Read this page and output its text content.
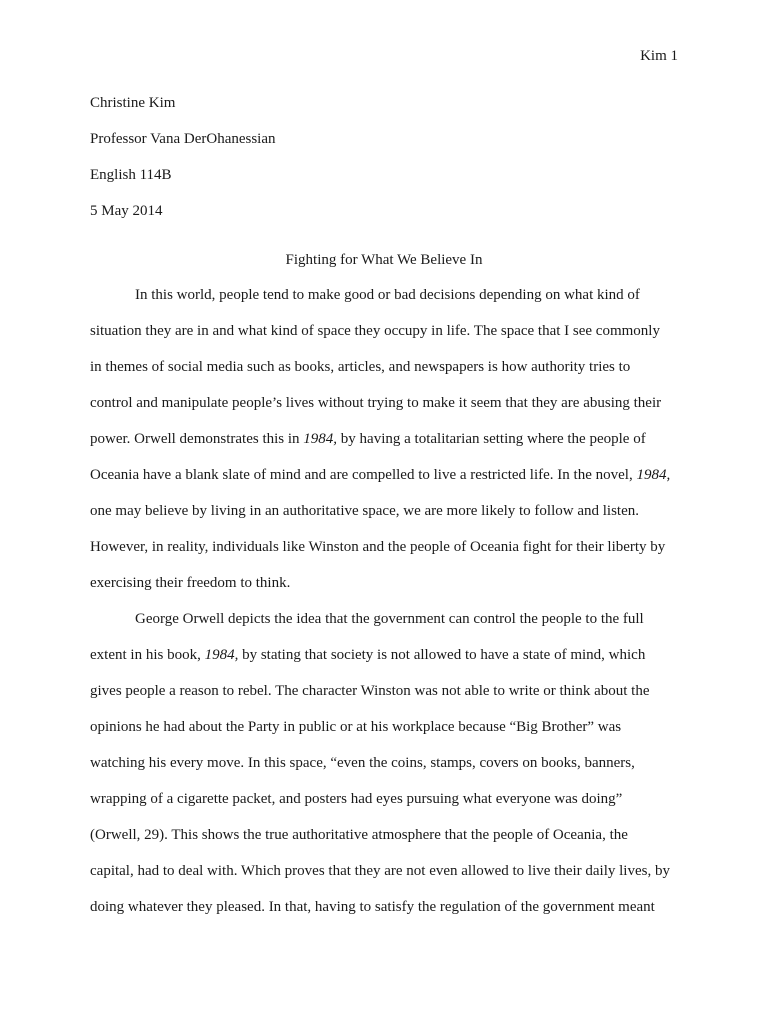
Kim 1
Christine Kim
Professor Vana DerOhanessian
English 114B
5 May 2014
Fighting for What We Believe In
In this world, people tend to make good or bad decisions depending on what kind of
situation they are in and what kind of space they occupy in life. The space that I see commonly
in themes of social media such as books, articles, and newspapers is how authority tries to
control and manipulate people’s lives without trying to make it seem that they are abusing their
power. Orwell demonstrates this in 1984, by having a totalitarian setting where the people of
Oceania have a blank slate of mind and are compelled to live a restricted life. In the novel, 1984,
one may believe by living in an authoritative space, we are more likely to follow and listen.
However, in reality, individuals like Winston and the people of Oceania fight for their liberty by
exercising their freedom to think.
George Orwell depicts the idea that the government can control the people to the full
extent in his book, 1984, by stating that society is not allowed to have a state of mind, which
gives people a reason to rebel. The character Winston was not able to write or think about the
opinions he had about the Party in public or at his workplace because “Big Brother” was
watching his every move. In this space, “even the coins, stamps, covers on books, banners,
wrapping of a cigarette packet, and posters had eyes pursuing what everyone was doing”
(Orwell, 29). This shows the true authoritative atmosphere that the people of Oceania, the
capital, had to deal with. Which proves that they are not even allowed to live their daily lives, by
doing whatever they pleased. In that, having to satisfy the regulation of the government meant
